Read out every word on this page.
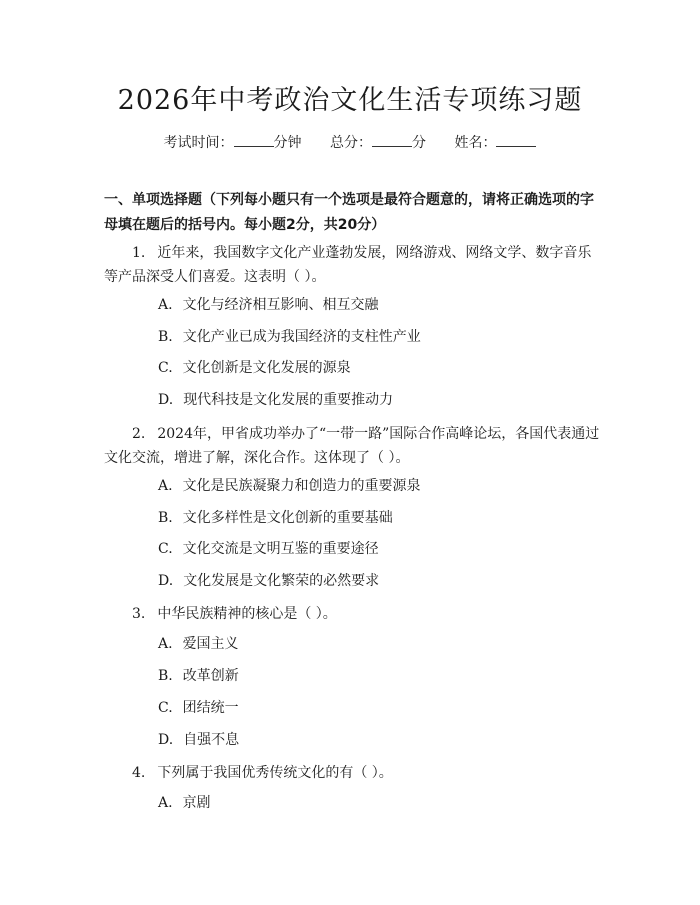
2026年中考政治文化生活专项练习题
考试时间：	分钟 总分：	分 姓名：
一、单项选择题（下列每小题只有一个选项是最符合题意的，请将正确选项的字母填在题后的括号内。每小题2分，共20分）
1. 近年来，我国数字文化产业蓬勃发展，网络游戏、网络文学、数字音乐等产品深受人们喜爱。这表明（ ）。
A. 文化与经济相互影响、相互交融
B. 文化产业已成为我国经济的支柱性产业
C. 文化创新是文化发展的源泉
D. 现代科技是文化发展的重要推动力
2. 2024年，甲省成功举办了“一带一路”国际合作高峰论坛，各国代表通过文化交流，增进了解，深化合作。这体现了（ ）。
A. 文化是民族凝聚力和创造力的重要源泉
B. 文化多样性是文化创新的重要基础
C. 文化交流是文明互鉴的重要途径
D. 文化发展是文化繁荣的必然要求
3. 中华民族精神的核心是（ ）。
A. 爱国主义
B. 改革创新
C. 团结统一
D. 自强不息
4. 下列属于我国优秀传统文化的有（ ）。
A. 京剧
